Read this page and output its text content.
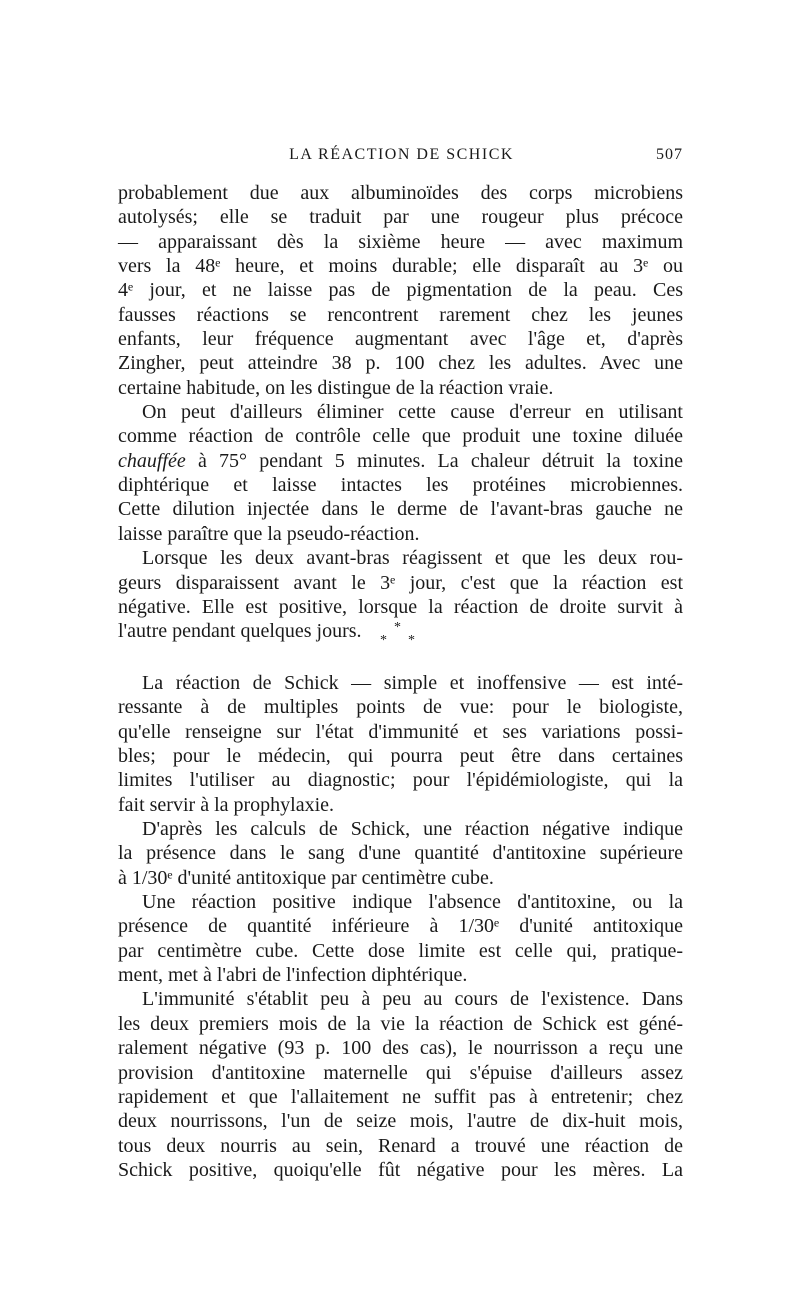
LA RÉACTION DE SCHICK	507
probablement due aux albuminoïdes des corps microbiens
autolysés; elle se traduit par une rougeur plus précoce
— apparaissant dès la sixième heure — avec maximum
vers la 48ᵉ heure, et moins durable; elle disparaît au 3ᵉ ou
4ᵉ jour, et ne laisse pas de pigmentation de la peau. Ces
fausses réactions se rencontrent rarement chez les jeunes
enfants, leur fréquence augmentant avec l'âge et, d'après
Zingher, peut atteindre 38 p. 100 chez les adultes. Avec une
certaine habitude, on les distingue de la réaction vraie.
On peut d'ailleurs éliminer cette cause d'erreur en utilisant
comme réaction de contrôle celle que produit une toxine diluée
chauffée à 75° pendant 5 minutes. La chaleur détruit la toxine
diphtérique et laisse intactes les protéines microbiennes.
Cette dilution injectée dans le derme de l'avant-bras gauche ne
laisse paraître que la pseudo-réaction.
Lorsque les deux avant-bras réagissent et que les deux rou-
geurs disparaissent avant le 3ᵉ jour, c'est que la réaction est
négative. Elle est positive, lorsque la réaction de droite survit à
l'autre pendant quelques jours.	*
* *
La réaction de Schick — simple et inoffensive — est inté-
ressante à de multiples points de vue: pour le biologiste,
qu'elle renseigne sur l'état d'immunité et ses variations possi-
bles; pour le médecin, qui pourra peut être dans certaines
limites l'utiliser au diagnostic; pour l'épidémiologiste, qui la
fait servir à la prophylaxie.
D'après les calculs de Schick, une réaction négative indique
la présence dans le sang d'une quantité d'antitoxine supérieure
à 1/30ᵉ d'unité antitoxique par centimètre cube.
Une réaction positive indique l'absence d'antitoxine, ou la
présence de quantité inférieure à 1/30ᵉ d'unité antitoxique
par centimètre cube. Cette dose limite est celle qui, pratique-
ment, met à l'abri de l'infection diphtérique.
L'immunité s'établit peu à peu au cours de l'existence. Dans
les deux premiers mois de la vie la réaction de Schick est géné-
ralement négative (93 p. 100 des cas), le nourrisson a reçu une
provision d'antitoxine maternelle qui s'épuise d'ailleurs assez
rapidement et que l'allaitement ne suffit pas à entretenir; chez
deux nourrissons, l'un de seize mois, l'autre de dix-huit mois,
tous deux nourris au sein, Renard a trouvé une réaction de
Schick positive, quoiqu'elle fût négative pour les mères. La
